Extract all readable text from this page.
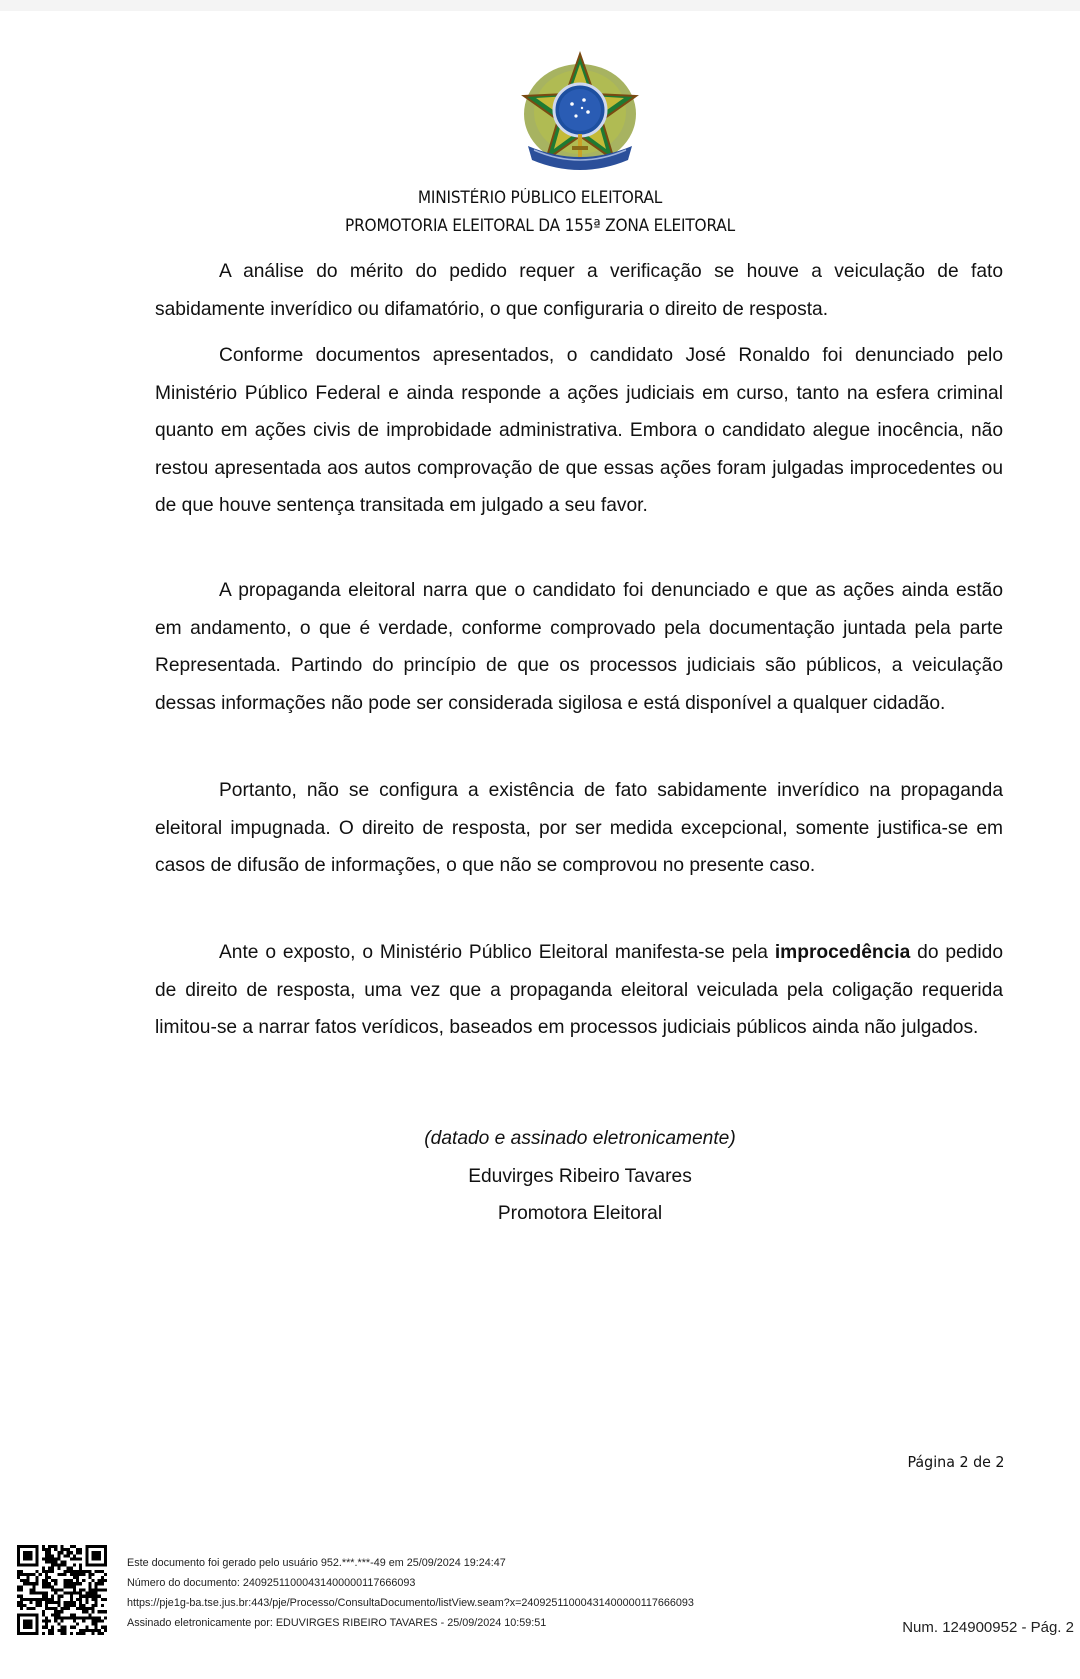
MINISTÉRIO PÚBLICO ELEITORAL
PROMOTORIA ELEITORAL DA 155ª ZONA ELEITORAL

A análise do mérito do pedido requer a verificação se houve a veiculação de fato sabidamente inverídico ou difamatório, o que configuraria o direito de resposta.

Conforme documentos apresentados, o candidato José Ronaldo foi denunciado pelo Ministério Público Federal e ainda responde a ações judiciais em curso, tanto na esfera criminal quanto em ações civis de improbidade administrativa. Embora o candidato alegue inocência, não restou apresentada aos autos comprovação de que essas ações foram julgadas improcedentes ou de que houve sentença transitada em julgado a seu favor.

A propaganda eleitoral narra que o candidato foi denunciado e que as ações ainda estão em andamento, o que é verdade, conforme comprovado pela documentação juntada pela parte Representada. Partindo do princípio de que os processos judiciais são públicos, a veiculação dessas informações não pode ser considerada sigilosa e está disponível a qualquer cidadão.

Portanto, não se configura a existência de fato sabidamente inverídico na propaganda eleitoral impugnada. O direito de resposta, por ser medida excepcional, somente justifica-se em casos de difusão de informações, o que não se comprovou no presente caso.

Ante o exposto, o Ministério Público Eleitoral manifesta-se pela improcedência do pedido de direito de resposta, uma vez que a propaganda eleitoral veiculada pela coligação requerida limitou-se a narrar fatos verídicos, baseados em processos judiciais públicos ainda não julgados.

(datado e assinado eletronicamente)
Eduvirges Ribeiro Tavares
Promotora Eleitoral
Página 2 de 2
Este documento foi gerado pelo usuário 952.***.***-49 em 25/09/2024 19:24:47
Número do documento: 24092511000431400000117666093
https://pje1g-ba.tse.jus.br:443/pje/Processo/ConsultaDocumento/listView.seam?x=24092511000431400000117666093
Assinado eletronicamente por: EDUVIRGES RIBEIRO TAVARES - 25/09/2024 10:59:51	Num. 124900952 - Pág. 2
